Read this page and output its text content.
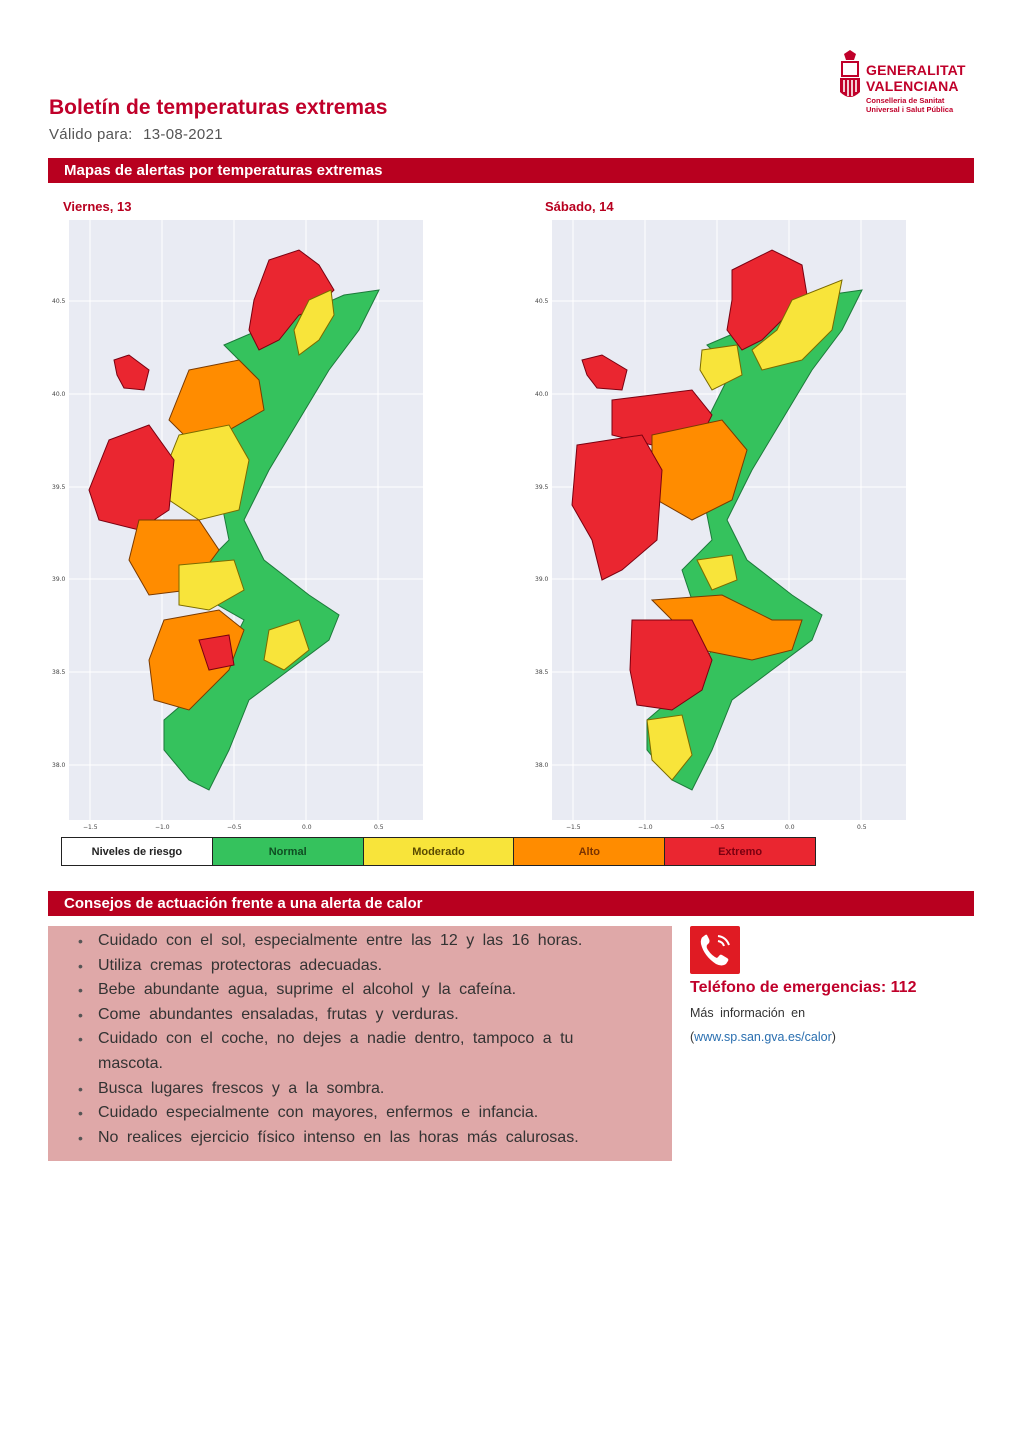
Boletín de temperaturas extremas
Válido para: 13-08-2021
GENERALITAT
VALENCIANA
Conselleria de Sanitat
Universal i Salut Pública
Mapas de alertas por temperaturas extremas
Viernes, 13	Sábado, 14
40.5
40.0
39.5
39.0
38.5
38.0
−1.5	−1.0	−0.5	0.0	0.5
40.5
40.0
39.5
39.0
38.5
38.0
−1.5	−1.0	−0.5	0.0	0.5
Niveles de riesgo	Normal	Moderado	Alto	Extremo
Consejos de actuación frente a una alerta de calor
• Cuidado con el sol, especialmente entre las 12 y las 16 horas.
• Utiliza cremas protectoras adecuadas.
• Bebe abundante agua, suprime el alcohol y la cafeína.
• Come abundantes ensaladas, frutas y verduras.
• Cuidado con el coche, no dejes a nadie dentro, tampoco a tu mascota.
• Busca lugares frescos y a la sombra.
• Cuidado especialmente con mayores, enfermos e infancia.
• No realices ejercicio físico intenso en las horas más calurosas.
Teléfono de emergencias: 112
Más información en
(www.sp.san.gva.es/calor)
